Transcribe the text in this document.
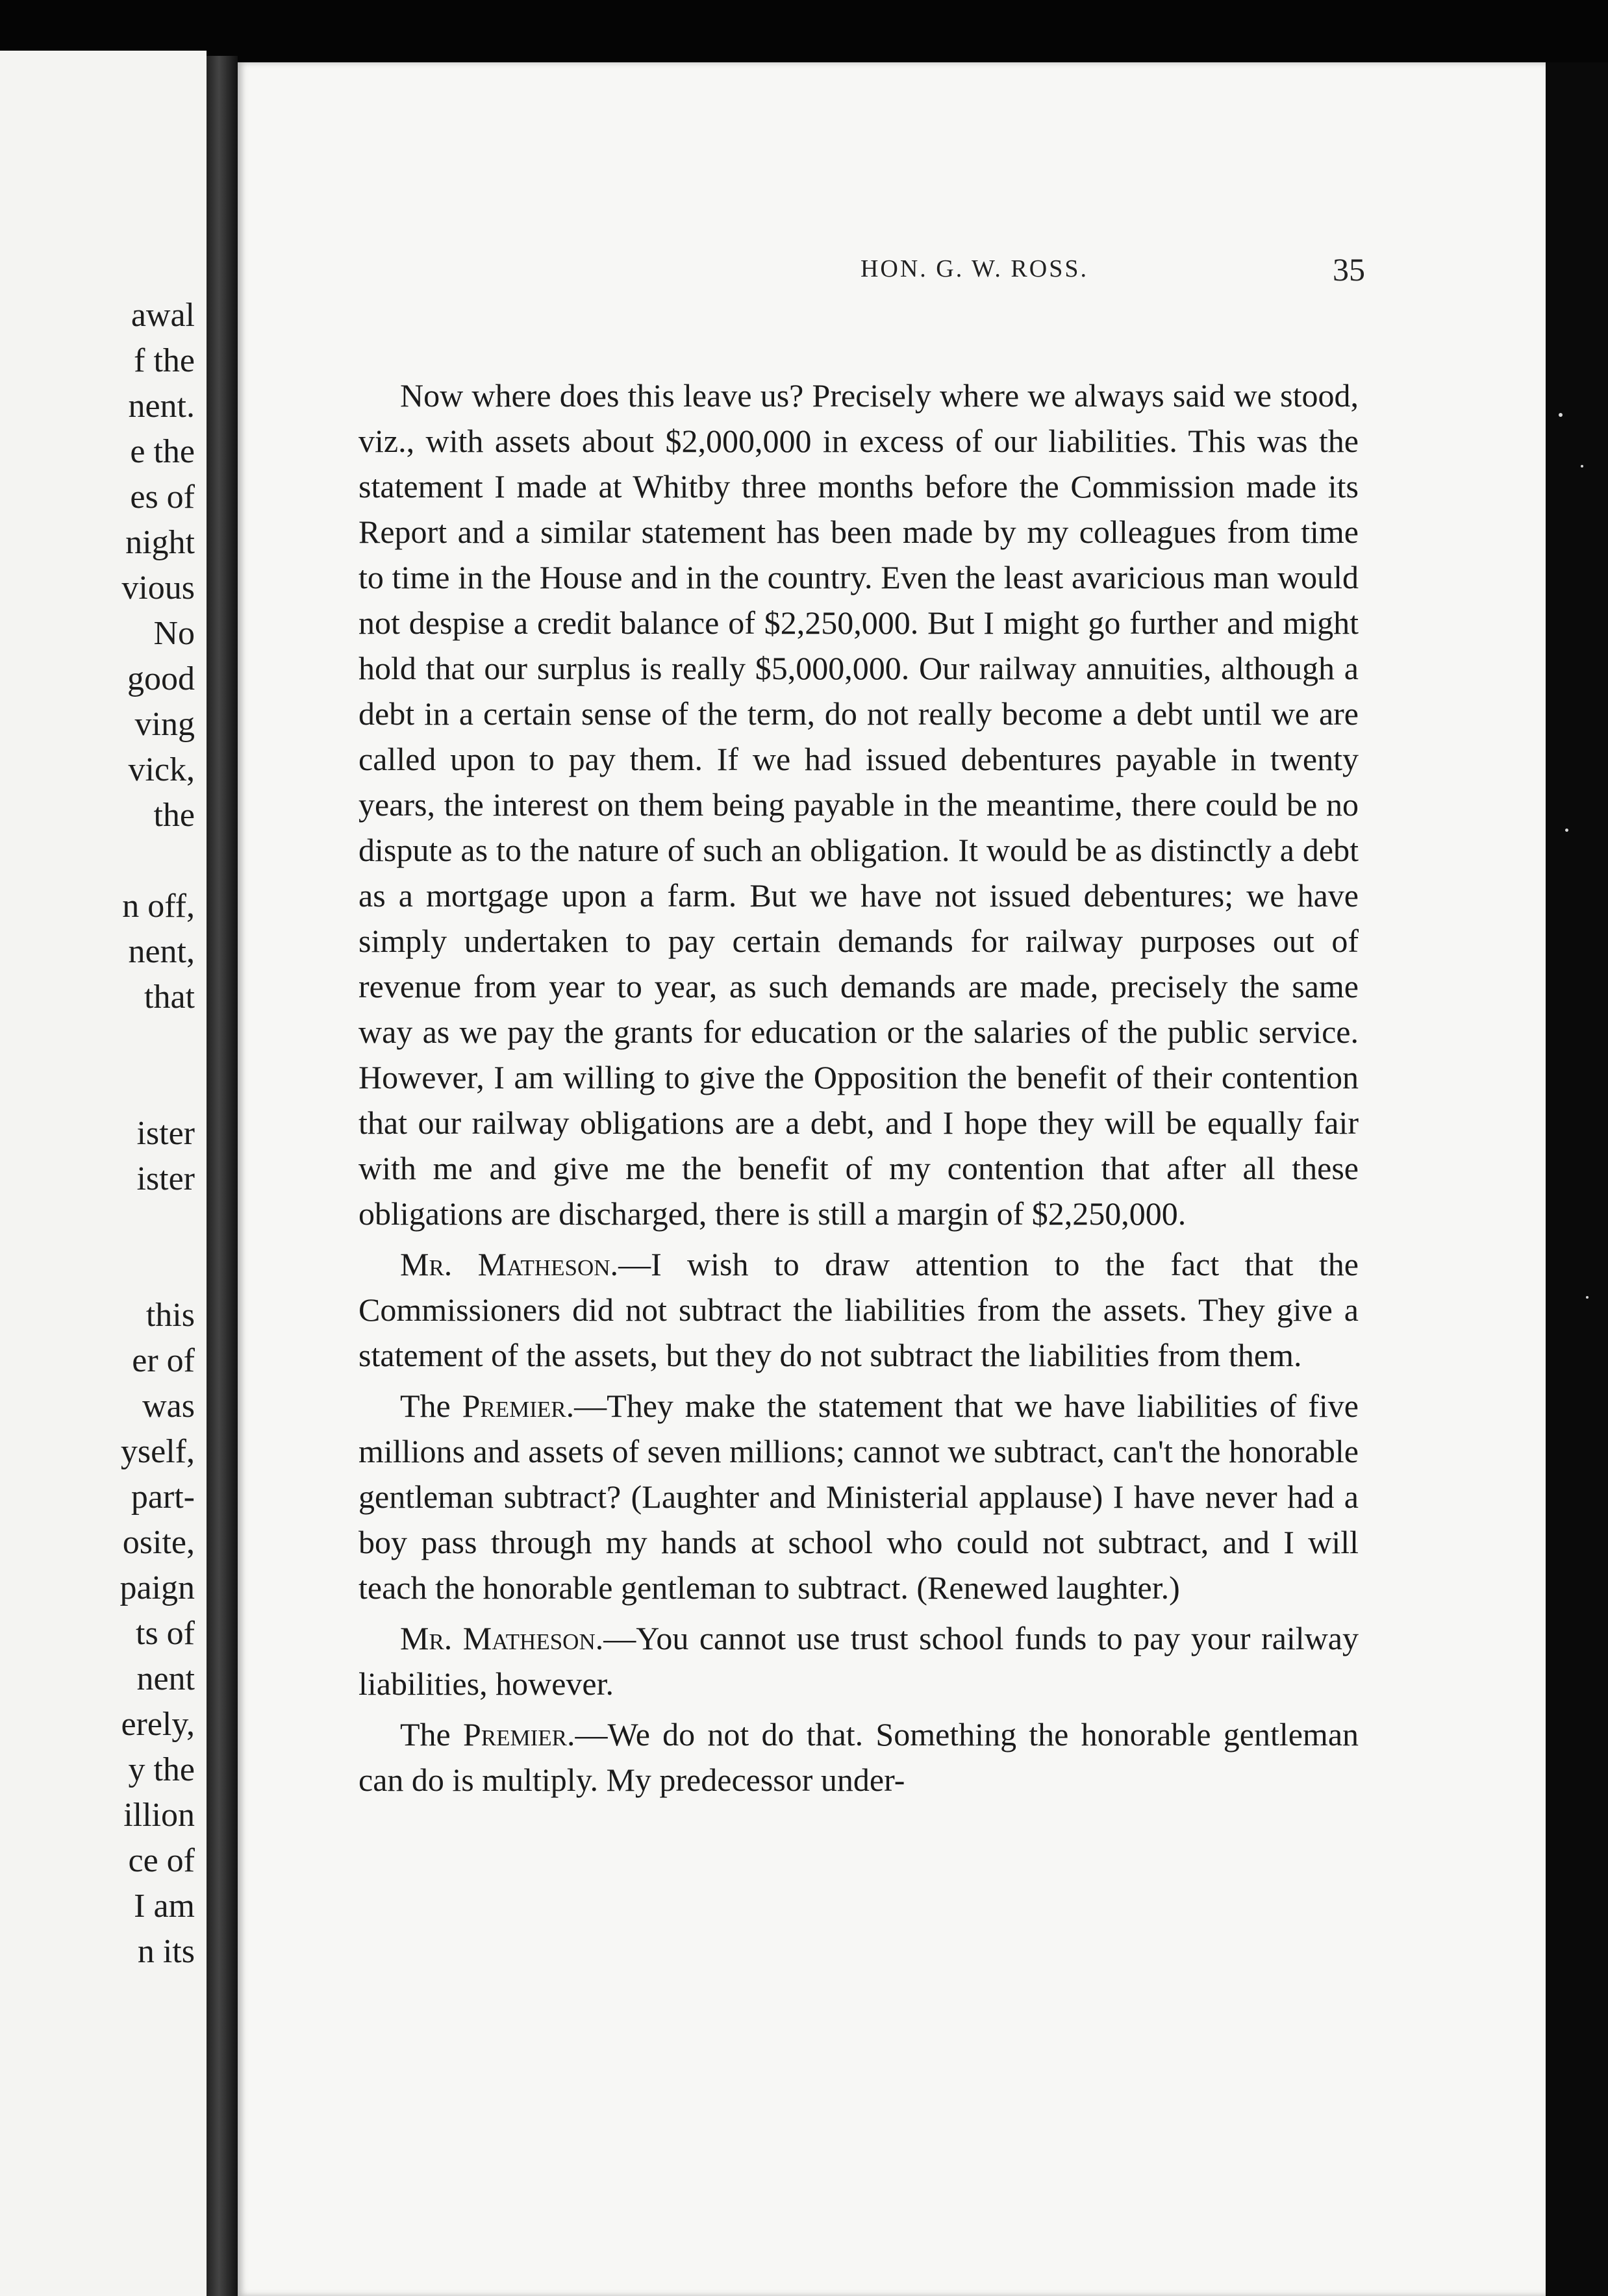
awal
f the
nent.
e the
es of
night
vious
No
good
ving
vick,
the
n off,
nent,
that
ister
ister
this
er of
was
yself,
part-
osite,
paign
ts of
nent
erely,
y the
illion
ce of
I am
n its
HON. G. W. ROSS.	35

Now where does this leave us? Precisely where we always said we stood, viz., with assets about $2,000,000 in excess of our liabilities. This was the statement I made at Whitby three months before the Commission made its Report and a similar statement has been made by my colleagues from time to time in the House and in the country. Even the least avaricious man would not despise a credit balance of $2,250,000. But I might go further and might hold that our surplus is really $5,000,000. Our railway annuities, although a debt in a certain sense of the term, do not really become a debt until we are called upon to pay them. If we had issued debentures payable in twenty years, the interest on them being payable in the meantime, there could be no dispute as to the nature of such an obligation. It would be as distinctly a debt as a mortgage upon a farm. But we have not issued debentures; we have simply undertaken to pay certain demands for railway purposes out of revenue from year to year, as such demands are made, precisely the same way as we pay the grants for education or the salaries of the public service. However, I am willing to give the Opposition the benefit of their contention that our railway obligations are a debt, and I hope they will be equally fair with me and give me the benefit of my contention that after all these obligations are discharged, there is still a margin of $2,250,000.

Mr. Matheson.—I wish to draw attention to the fact that the Commissioners did not subtract the liabilities from the assets. They give a statement of the assets, but they do not subtract the liabilities from them.

The Premier.—They make the statement that we have liabilities of five millions and assets of seven millions; cannot we subtract, can't the honorable gentleman subtract? (Laughter and Ministerial applause) I have never had a boy pass through my hands at school who could not subtract, and I will teach the honorable gentleman to subtract. (Renewed laughter.)

Mr. Matheson.—You cannot use trust school funds to pay your railway liabilities, however.

The Premier.—We do not do that. Something the honorable gentleman can do is multiply. My predecessor under-
